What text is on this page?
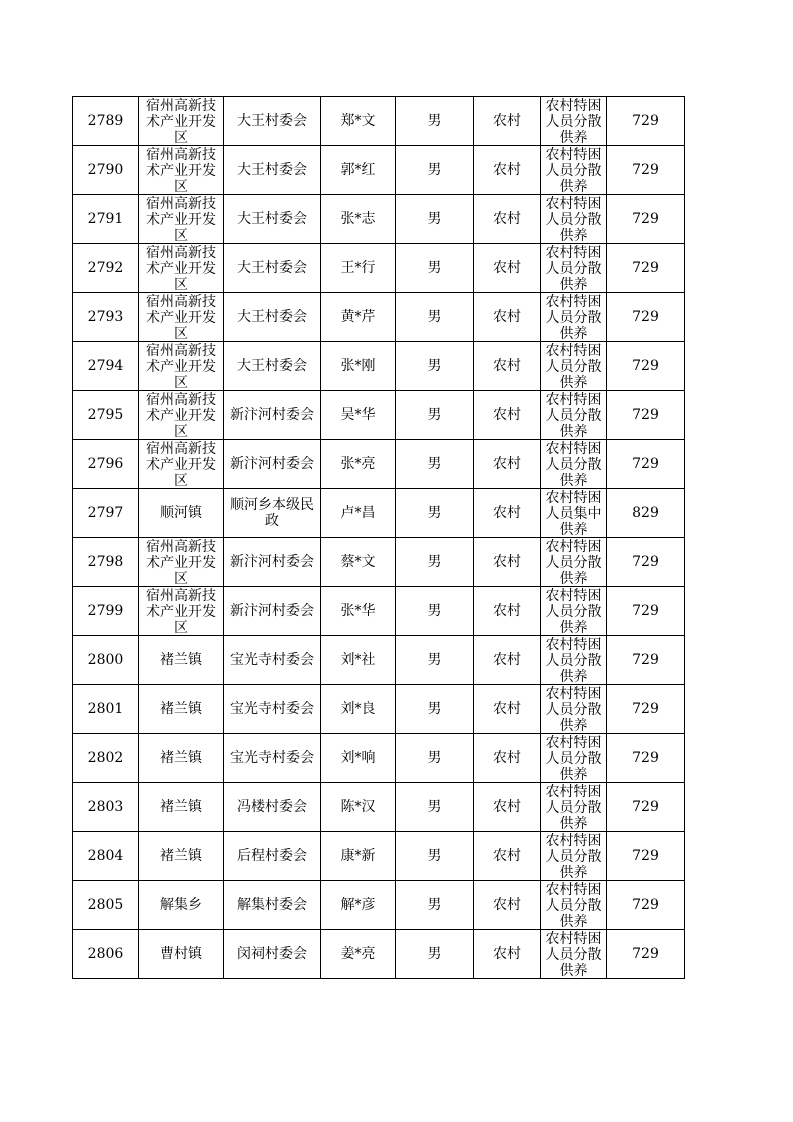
2789	宿州高新技术产业开发区	大王村委会	郑*文	男	农村	农村特困人员分散供养	729

2790	宿州高新技术产业开发区	大王村委会	郭*红	男	农村	农村特困人员分散供养	729

2791	宿州高新技术产业开发区	大王村委会	张*志	男	农村	农村特困人员分散供养	729

2792	宿州高新技术产业开发区	大王村委会	王*行	男	农村	农村特困人员分散供养	729

2793	宿州高新技术产业开发区	大王村委会	黄*芹	男	农村	农村特困人员分散供养	729

2794	宿州高新技术产业开发区	大王村委会	张*刚	男	农村	农村特困人员分散供养	729

2795	宿州高新技术产业开发区	新汴河村委会	吴*华	男	农村	农村特困人员分散供养	729

2796	宿州高新技术产业开发区	新汴河村委会	张*亮	男	农村	农村特困人员分散供养	729

2797	顺河镇	顺河乡本级民政	卢*昌	男	农村	农村特困人员集中供养	829

2798	宿州高新技术产业开发区	新汴河村委会	蔡*文	男	农村	农村特困人员分散供养	729

2799	宿州高新技术产业开发区	新汴河村委会	张*华	男	农村	农村特困人员分散供养	729

2800	褚兰镇	宝光寺村委会	刘*社	男	农村	农村特困人员分散供养	729

2801	褚兰镇	宝光寺村委会	刘*良	男	农村	农村特困人员分散供养	729

2802	褚兰镇	宝光寺村委会	刘*响	男	农村	农村特困人员分散供养	729

2803	褚兰镇	冯楼村委会	陈*汉	男	农村	农村特困人员分散供养	729

2804	褚兰镇	后程村委会	康*新	男	农村	农村特困人员分散供养	729

2805	解集乡	解集村委会	解*彦	男	农村	农村特困人员分散供养	729

2806	曹村镇	闵祠村委会	姜*亮	男	农村	农村特困人员分散供养	729
